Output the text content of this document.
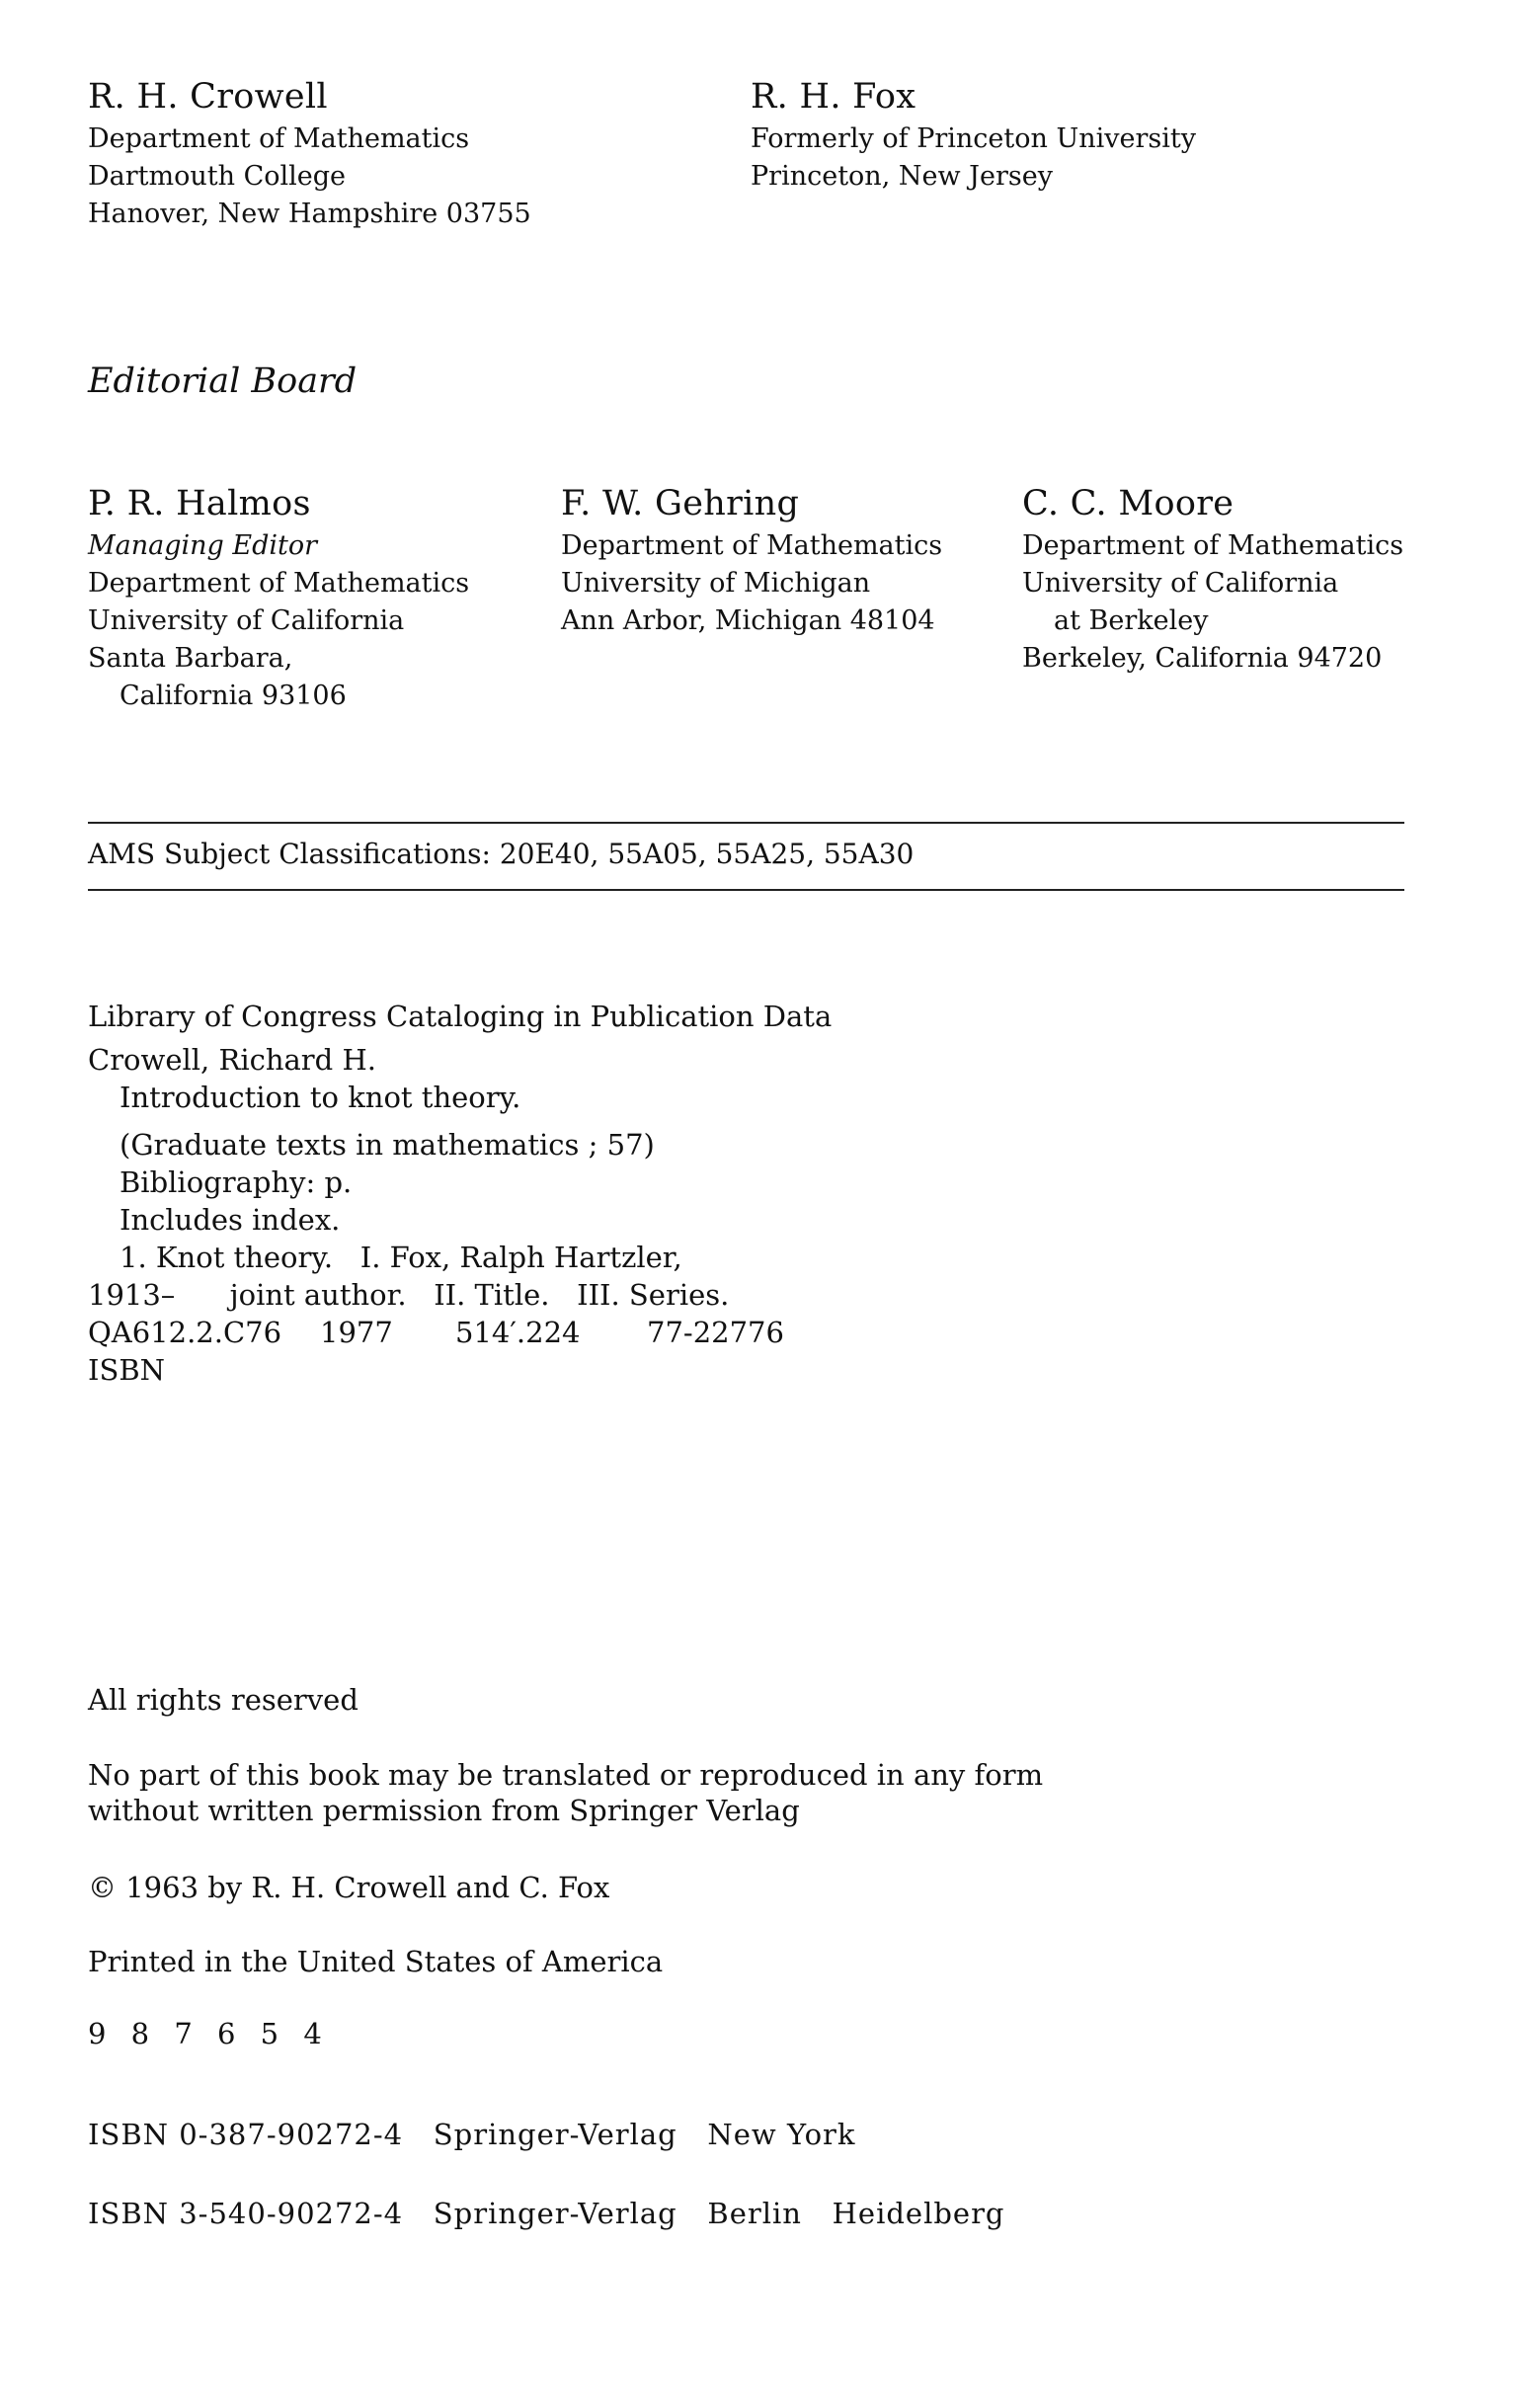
R. H. Crowell
Department of Mathematics
Dartmouth College
Hanover, New Hampshire 03755
R. H. Fox
Formerly of Princeton University
Princeton, New Jersey
Editorial Board
P. R. Halmos
Managing Editor
Department of Mathematics
University of California
Santa Barbara,
California 93106
F. W. Gehring
Department of Mathematics
University of Michigan
Ann Arbor, Michigan 48104
C. C. Moore
Department of Mathematics
University of California
at Berkeley
Berkeley, California 94720
AMS Subject Classifications: 20E40, 55A05, 55A25, 55A30
Library of Congress Cataloging in Publication Data
Crowell, Richard H.
Introduction to knot theory.
(Graduate texts in mathematics ; 57)
Bibliography: p.
Includes index.
1. Knot theory.   I. Fox, Ralph Hartzler,
1913–      joint author.   II. Title.   III. Series.

QA612.2.C76

1977

514′.224

77-22776

ISBN
All rights reserved
No part of this book may be translated or reproduced in any form
without written permission from Springer Verlag
© 1963 by R. H. Crowell and C. Fox
Printed in the United States of America
9 8 7 6 5 4
ISBN 0-387-90272-4   Springer-Verlag   New York
ISBN 3-540-90272-4   Springer-Verlag   Berlin   Heidelberg
